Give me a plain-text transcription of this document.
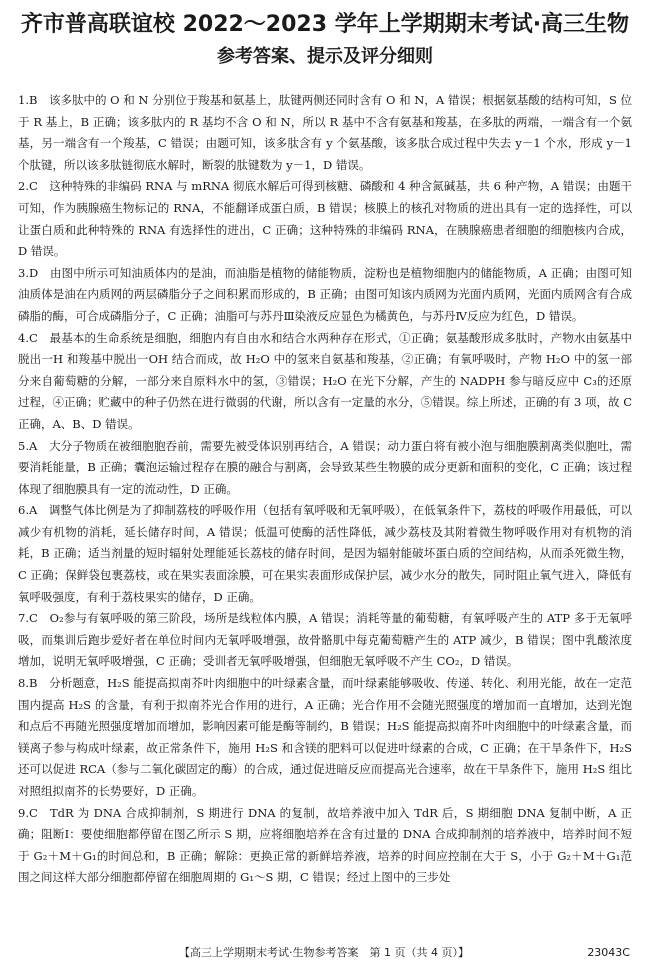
齐市普高联谊校 2022～2023 学年上学期期末考试·高三生物
参考答案、提示及评分细则

1.B　该多肽中的 O 和 N 分别位于羧基和氨基上，肽键两侧还同时含有 O 和 N，A 错误；根据氨基酸的结构可知，S 位于 R 基上，B 正确；该多肽内的 R 基均不含 O 和 N，所以 R 基中不含有氨基和羧基，在多肽的两端，一端含有一个氨基，另一端含有一个羧基，C 错误；由题可知，该多肽含有 y 个氨基酸，该多肽合成过程中失去 y－1 个水，形成 y－1 个肽键，所以该多肽链彻底水解时，断裂的肽键数为 y－1，D 错误。

2.C　这种特殊的非编码 RNA 与 mRNA 彻底水解后可得到核糖、磷酸和 4 种含氮碱基，共 6 种产物，A 错误；由题干可知，作为胰腺癌生物标记的 RNA，不能翻译成蛋白质，B 错误；核膜上的核孔对物质的进出具有一定的选择性，可以让蛋白质和此种特殊的 RNA 有选择性的进出，C 正确；这种特殊的非编码 RNA，在胰腺癌患者细胞的细胞核内合成，D 错误。

3.D　由图中所示可知油质体内的是油，而油脂是植物的储能物质，淀粉也是植物细胞内的储能物质，A 正确；由图可知油质体是油在内质网的两层磷脂分子之间积累而形成的，B 正确；由图可知该内质网为光面内质网，光面内质网含有合成磷脂的酶，可合成磷脂分子，C 正确；油脂可与苏丹Ⅲ染液反应显色为橘黄色，与苏丹Ⅳ反应为红色，D 错误。

4.C　最基本的生命系统是细胞，细胞内有自由水和结合水两种存在形式，①正确；氨基酸形成多肽时，产物水由氨基中脱出一H 和羧基中脱出一OH 结合而成，故 H₂O 中的氢来自氨基和羧基，②正确；有氧呼吸时，产物 H₂O 中的氢一部分来自葡萄糖的分解，一部分来自原料水中的氢，③错误；H₂O 在光下分解，产生的 NADPH 参与暗反应中 C₃的还原过程，④正确；贮藏中的种子仍然在进行微弱的代谢，所以含有一定量的水分，⑤错误。综上所述，正确的有 3 项，故 C 正确，A、B、D 错误。

5.A　大分子物质在被细胞胞吞前，需要先被受体识别再结合，A 错误；动力蛋白将有被小泡与细胞膜割离类似胞吐，需要消耗能量，B 正确；囊泡运输过程存在膜的融合与割离，会导致某些生物膜的成分更新和面积的变化，C 正确；该过程体现了细胞膜具有一定的流动性，D 正确。

6.A　调整气体比例是为了抑制荔枝的呼吸作用（包括有氧呼吸和无氧呼吸），在低氧条件下，荔枝的呼吸作用最低，可以减少有机物的消耗，延长储存时间，A 错误；低温可使酶的活性降低，减少荔枝及其附着微生物呼吸作用对有机物的消耗，B 正确；适当剂量的短时辐射处理能延长荔枝的储存时间，是因为辐射能破坏蛋白质的空间结构，从而杀死微生物，C 正确；保鲜袋包裹荔枝，或在果实表面涂膜，可在果实表面形成保护层，减少水分的散失，同时阻止氧气进入，降低有氧呼吸强度，有利于荔枝果实的储存，D 正确。

7.C　O₂参与有氧呼吸的第三阶段，场所是线粒体内膜，A 错误；消耗等量的葡萄糖，有氧呼吸产生的 ATP 多于无氧呼吸，而集训后跑步爱好者在单位时间内无氧呼吸增强，故骨骼肌中每克葡萄糖产生的 ATP 减少，B 错误；图中乳酸浓度增加，说明无氧呼吸增强，C 正确；受训者无氧呼吸增强，但细胞无氧呼吸不产生 CO₂，D 错误。

8.B　分析题意，H₂S 能提高拟南芥叶肉细胞中的叶绿素含量，而叶绿素能够吸收、传递、转化、利用光能，故在一定范围内提高 H₂S 的含量，有利于拟南芥光合作用的进行，A 正确；光合作用不会随光照强度的增加而一直增加，达到光饱和点后不再随光照强度增加而增加，影响因素可能是酶等制约，B 错误；H₂S 能提高拟南芥叶肉细胞中的叶绿素含量，而镁离子参与构成叶绿素，故正常条件下，施用 H₂S 和含镁的肥料可以促进叶绿素的合成，C 正确；在干旱条件下，H₂S 还可以促进 RCA（参与二氧化碳固定的酶）的合成，通过促进暗反应而提高光合速率，故在干旱条件下，施用 H₂S 组比对照组拟南芥的长势要好，D 正确。

9.C　TdR 为 DNA 合成抑制剂，S 期进行 DNA 的复制，故培养液中加入 TdR 后，S 期细胞 DNA 复制中断，A 正确；阻断Ⅰ：要使细胞都停留在图乙所示 S 期，应将细胞培养在含有过量的 DNA 合成抑制剂的培养液中，培养时间不短于 G₂＋M＋G₁的时间总和，B 正确；解除：更换正常的新鲜培养液，培养的时间应控制在大于 S，小于 G₂＋M＋G₁范围之间这样大部分细胞都停留在细胞周期的 G₁～S 期，C 错误；经过上图中的三步处

【高三上学期期末考试·生物参考答案　第 1 页（共 4 页）】	23043C
